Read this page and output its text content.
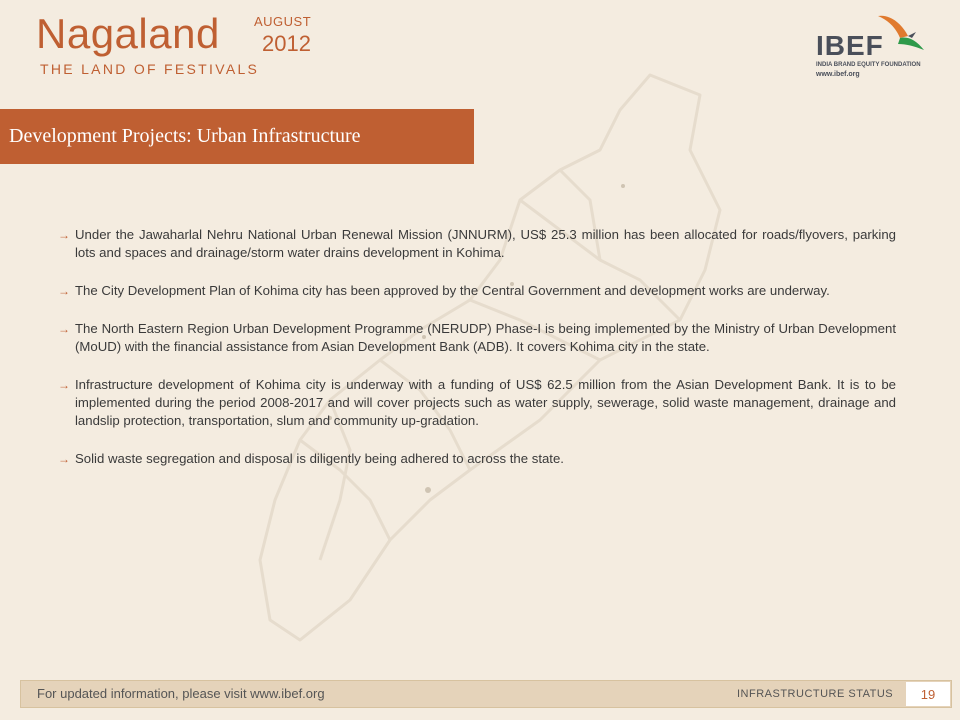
Nagaland
THE LAND OF FESTIVALS
AUGUST
2012	IBEF
INDIA BRAND EQUITY FOUNDATION
www.ibef.org
Development Projects: Urban Infrastructure
→ Under the Jawaharlal Nehru National Urban Renewal Mission (JNNURM), US$ 25.3 million has been allocated for roads/flyovers, parking lots and spaces and drainage/storm water drains development in Kohima.
→ The City Development Plan of Kohima city has been approved by the Central Government and development works are underway.
→ The North Eastern Region Urban Development Programme (NERUDP) Phase-I is being implemented by the Ministry of Urban Development (MoUD) with the financial assistance from Asian Development Bank (ADB). It covers Kohima city in the state.
→ Infrastructure development of Kohima city is underway with a funding of US$ 62.5 million from the Asian Development Bank. It is to be implemented during the period 2008-2017 and will cover projects such as water supply, sewerage, solid waste management, drainage and landslip protection, transportation, slum and community up-gradation.
→ Solid waste segregation and disposal is diligently being adhered to across the state.
For updated information, please visit www.ibef.org	INFRASTRUCTURE STATUS	19
